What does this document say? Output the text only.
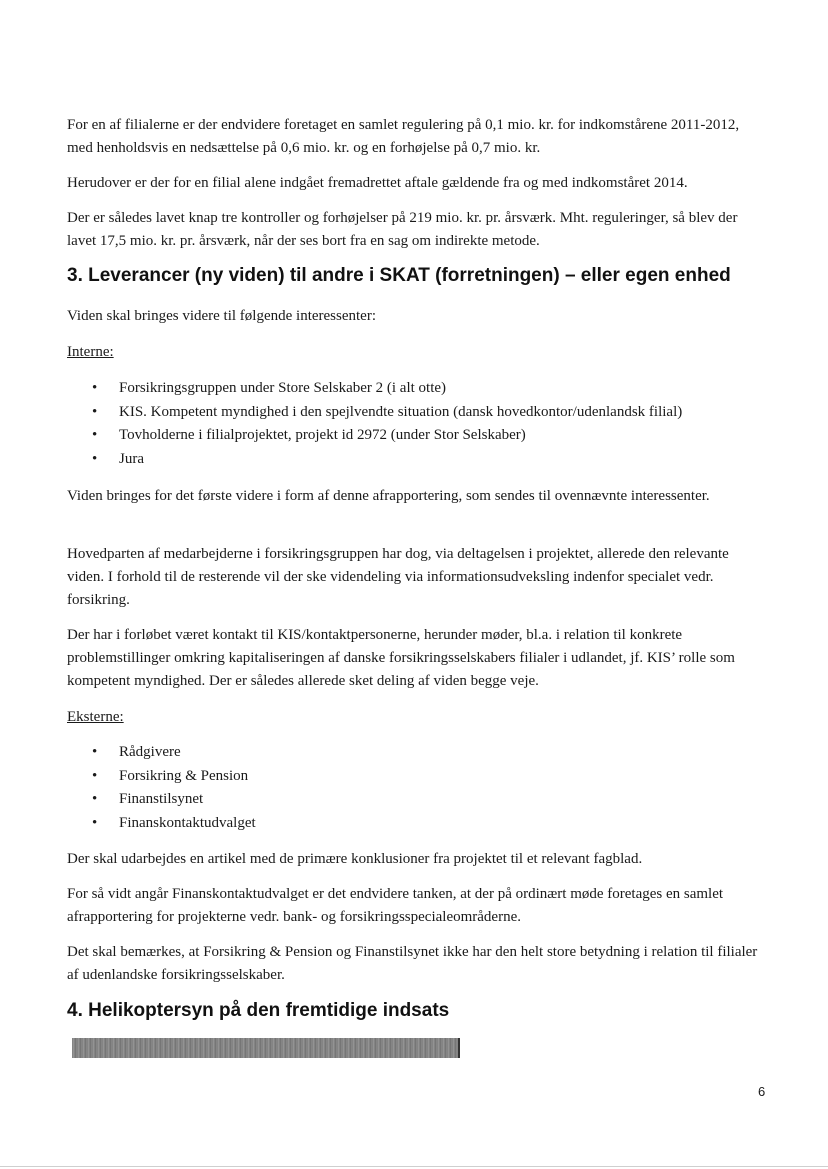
For en af filialerne er der endvidere foretaget en samlet regulering på 0,1 mio. kr. for indkomstårene 2011-2012, med henholdsvis en nedsættelse på 0,6 mio. kr. og en forhøjelse på 0,7 mio. kr.

Herudover er der for en filial alene indgået fremadrettet aftale gældende fra og med indkomståret 2014.

Der er således lavet knap tre kontroller og forhøjelser på 219 mio. kr. pr. årsværk. Mht. reguleringer, så blev der lavet 17,5 mio. kr. pr. årsværk, når der ses bort fra en sag om indirekte metode.

3. Leverancer (ny viden) til andre i SKAT (forretningen) – eller egen enhed

Viden skal bringes videre til følgende interessenter:

Interne:

• Forsikringsgruppen under Store Selskaber 2 (i alt otte)
• KIS. Kompetent myndighed i den spejlvendte situation (dansk hovedkontor/udenlandsk filial)
• Tovholderne i filialprojektet, projekt id 2972 (under Stor Selskaber)
• Jura

Viden bringes for det første videre i form af denne afrapportering, som sendes til ovennævnte interessenter.

Hovedparten af medarbejderne i forsikringsgruppen har dog, via deltagelsen i projektet, allerede den relevante viden. I forhold til de resterende vil der ske videndeling via informationsudveksling indenfor specialet vedr. forsikring.

Der har i forløbet været kontakt til KIS/kontaktpersonerne, herunder møder, bl.a. i relation til konkrete problemstillinger omkring kapitaliseringen af danske forsikringsselskabers filialer i udlandet, jf. KIS’ rolle som kompetent myndighed. Der er således allerede sket deling af viden begge veje.

Eksterne:

• Rådgivere
• Forsikring & Pension
• Finanstilsynet
• Finanskontaktudvalget

Der skal udarbejdes en artikel med de primære konklusioner fra projektet til et relevant fagblad.

For så vidt angår Finanskontaktudvalget er det endvidere tanken, at der på ordinært møde foretages en samlet afrapportering for projekterne vedr. bank- og forsikringsspecialeområderne.

Det skal bemærkes, at Forsikring & Pension og Finanstilsynet ikke har den helt store betydning i relation til filialer af udenlandske forsikringsselskaber.

4. Helikoptersyn på den fremtidige indsats
6
